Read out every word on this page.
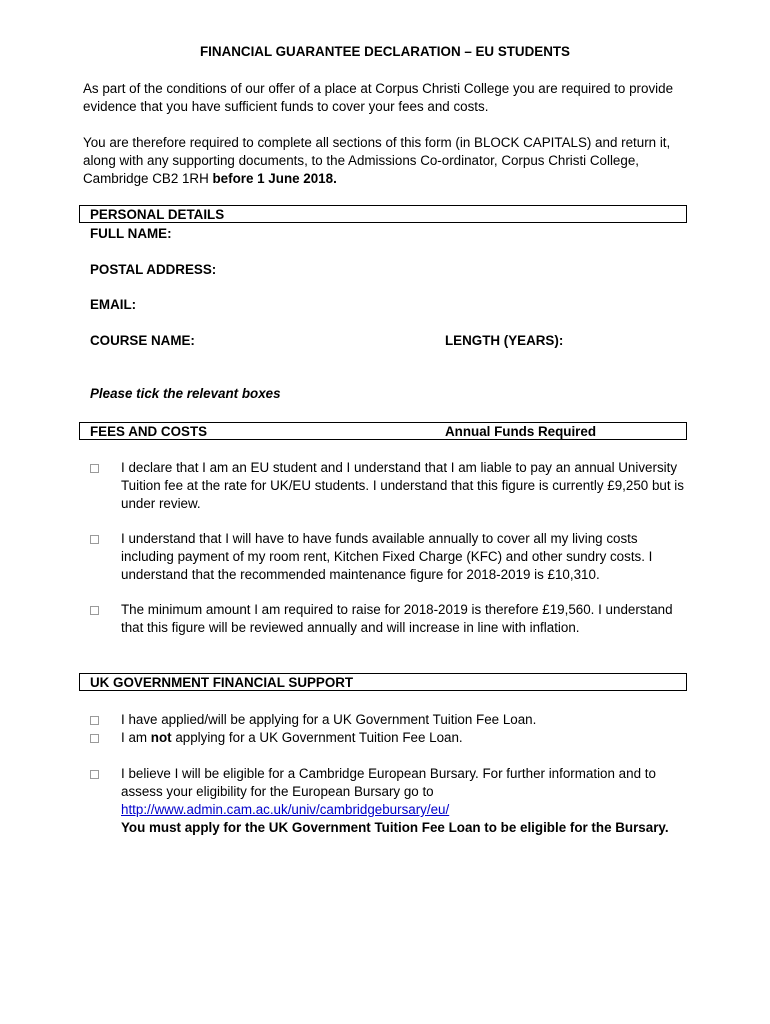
FINANCIAL GUARANTEE DECLARATION – EU STUDENTS
As part of the conditions of our offer of a place at Corpus Christi College you are required to provide evidence that you have sufficient funds to cover your fees and costs.
You are therefore required to complete all sections of this form (in BLOCK CAPITALS) and return it, along with any supporting documents, to the Admissions Co-ordinator, Corpus Christi College, Cambridge CB2 1RH before 1 June 2018.
PERSONAL DETAILS
FULL NAME:
POSTAL ADDRESS:
EMAIL:
COURSE NAME:	LENGTH (YEARS):
Please tick the relevant boxes
FEES AND COSTS	Annual Funds Required
I declare that I am an EU student and I understand that I am liable to pay an annual University Tuition fee at the rate for UK/EU students. I understand that this figure is currently £9,250 but is under review.
I understand that I will have to have funds available annually to cover all my living costs including payment of my room rent, Kitchen Fixed Charge (KFC) and other sundry costs. I understand that the recommended maintenance figure for 2018-2019 is £10,310.
The minimum amount I am required to raise for 2018-2019 is therefore £19,560. I understand that this figure will be reviewed annually and will increase in line with inflation.
UK GOVERNMENT FINANCIAL SUPPORT
I have applied/will be applying for a UK Government Tuition Fee Loan.
I am not applying for a UK Government Tuition Fee Loan.
I believe I will be eligible for a Cambridge European Bursary. For further information and to assess your eligibility for the European Bursary go to
http://www.admin.cam.ac.uk/univ/cambridgebursary/eu/
You must apply for the UK Government Tuition Fee Loan to be eligible for the Bursary.
